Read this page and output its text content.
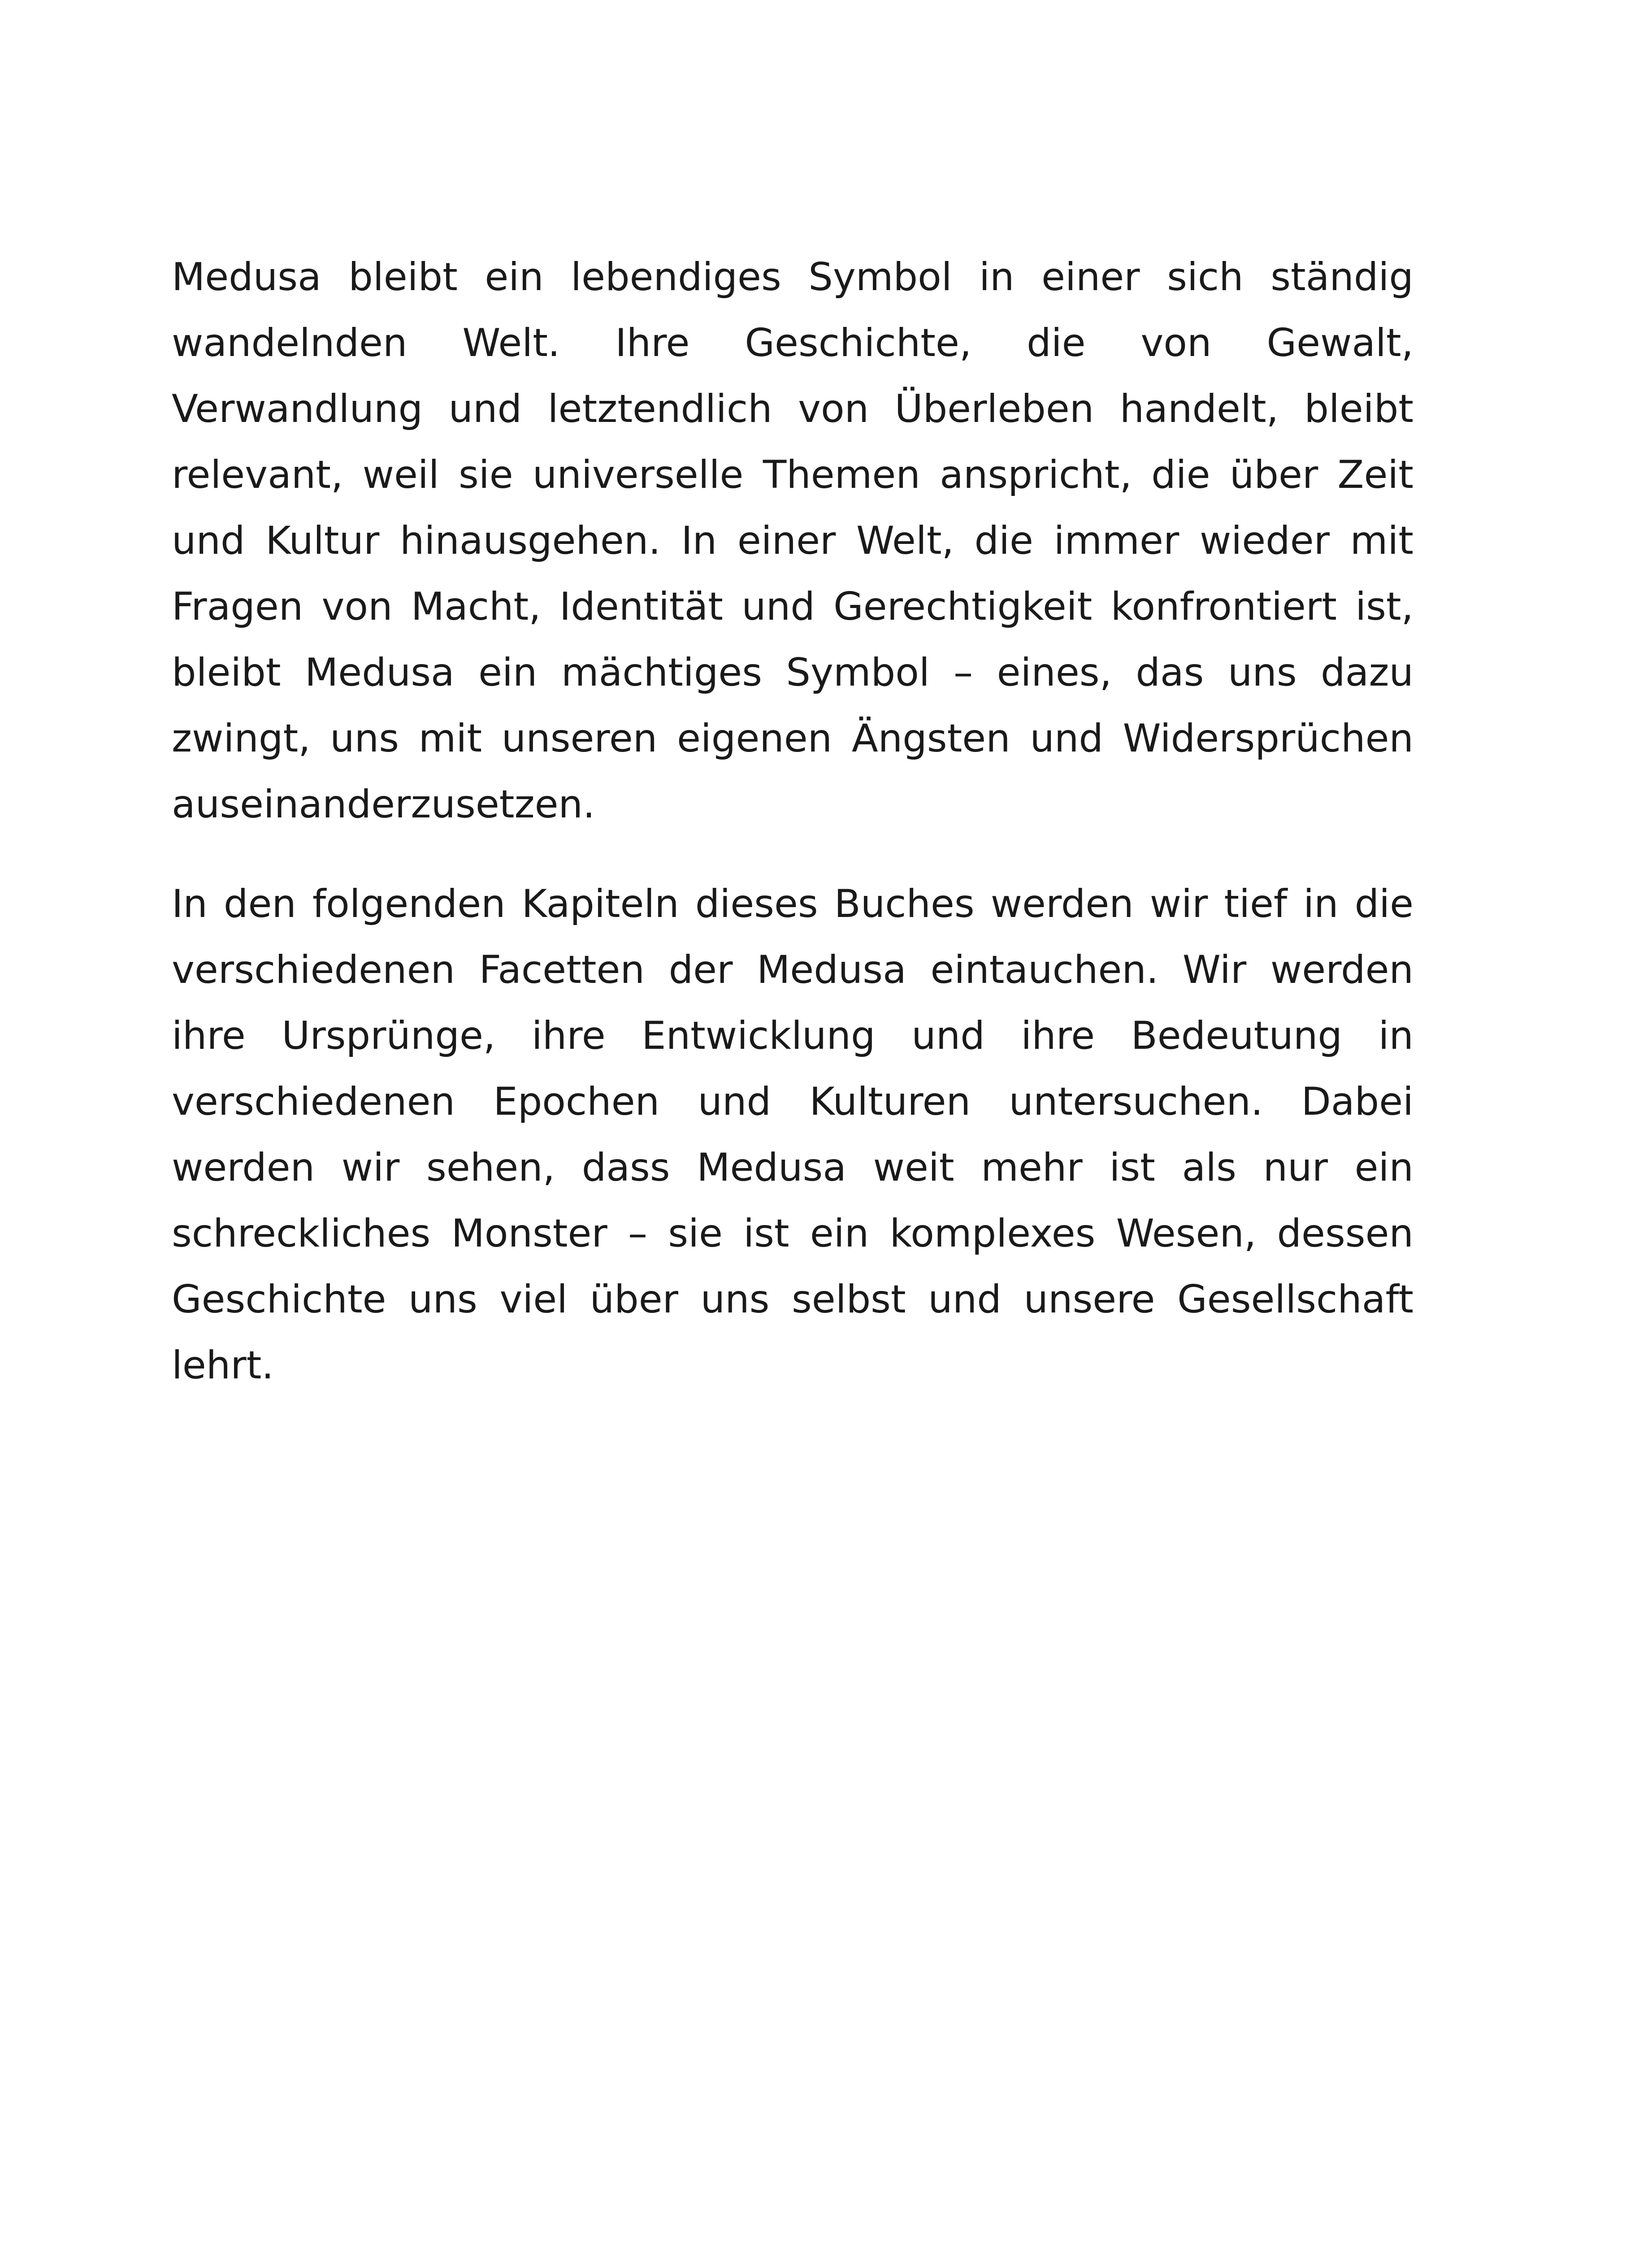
Medusa bleibt ein lebendiges Symbol in einer sich ständig wandelnden Welt. Ihre Geschichte, die von Gewalt, Verwandlung und letztendlich von Überleben handelt, bleibt relevant, weil sie universelle Themen anspricht, die über Zeit und Kultur hinausgehen. In einer Welt, die immer wieder mit Fragen von Macht, Identität und Gerechtigkeit konfrontiert ist, bleibt Medusa ein mächtiges Symbol – eines, das uns dazu zwingt, uns mit unseren eigenen Ängsten und Widersprüchen auseinanderzusetzen.

In den folgenden Kapiteln dieses Buches werden wir tief in die verschiedenen Facetten der Medusa eintauchen. Wir werden ihre Ursprünge, ihre Entwicklung und ihre Bedeutung in verschiedenen Epochen und Kulturen untersuchen. Dabei werden wir sehen, dass Medusa weit mehr ist als nur ein schreckliches Monster – sie ist ein komplexes Wesen, dessen Geschichte uns viel über uns selbst und unsere Gesellschaft lehrt.
